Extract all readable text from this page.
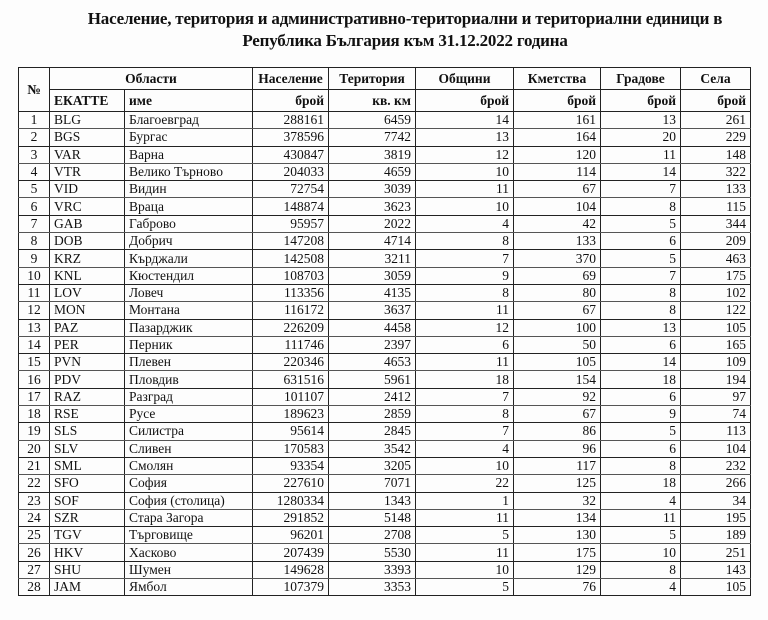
Население, територия и административно-териториални и териториални единици в
Република България към 31.12.2022 година
№	Области		Население	Територия	Общини	Кметства	Градове	Села
	ЕКАТТЕ	име	брой	кв. км	брой	брой	брой	брой
1	BLG	Благоевград	288161	6459	14	161	13	261
2	BGS	Бургас	378596	7742	13	164	20	229
3	VAR	Варна	430847	3819	12	120	11	148
4	VTR	Велико Търново	204033	4659	10	114	14	322
5	VID	Видин	72754	3039	11	67	7	133
6	VRC	Враца	148874	3623	10	104	8	115
7	GAB	Габрово	95957	2022	4	42	5	344
8	DOB	Добрич	147208	4714	8	133	6	209
9	KRZ	Кърджали	142508	3211	7	370	5	463
10	KNL	Кюстендил	108703	3059	9	69	7	175
11	LOV	Ловеч	113356	4135	8	80	8	102
12	MON	Монтана	116172	3637	11	67	8	122
13	PAZ	Пазарджик	226209	4458	12	100	13	105
14	PER	Перник	111746	2397	6	50	6	165
15	PVN	Плевен	220346	4653	11	105	14	109
16	PDV	Пловдив	631516	5961	18	154	18	194
17	RAZ	Разград	101107	2412	7	92	6	97
18	RSE	Русе	189623	2859	8	67	9	74
19	SLS	Силистра	95614	2845	7	86	5	113
20	SLV	Сливен	170583	3542	4	96	6	104
21	SML	Смолян	93354	3205	10	117	8	232
22	SFO	София	227610	7071	22	125	18	266
23	SOF	София (столица)	1280334	1343	1	32	4	34
24	SZR	Стара Загора	291852	5148	11	134	11	195
25	TGV	Търговище	96201	2708	5	130	5	189
26	HKV	Хасково	207439	5530	11	175	10	251
27	SHU	Шумен	149628	3393	10	129	8	143
28	JAM	Ямбол	107379	3353	5	76	4	105
